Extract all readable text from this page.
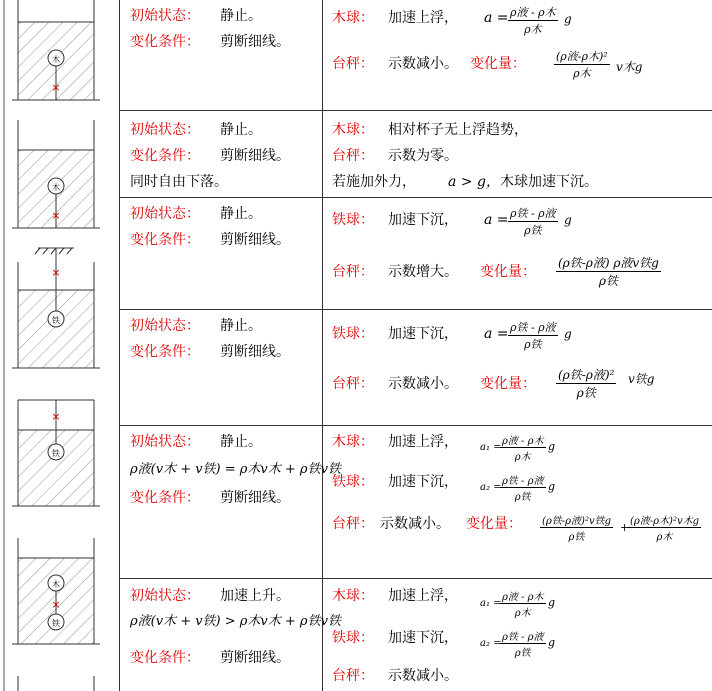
木
×
木
×
铁
×
铁
×
木
×
铁
初始状态： 静止。
变化条件： 剪断细线。
木球： 加速上浮， a = ρ液 - ρ木
ρ木
g
台秤： 示数减小。 变化量：	(ρ液-ρ木)²
ρ木	v木g
初始状态： 静止。
变化条件： 剪断细线。
同时自由下落。
木球： 相对杯子无上浮趋势，
台秤： 示数为零。
若施加外力， a > g， 木球加速下沉。
初始状态： 静止。
变化条件： 剪断细线。
铁球： 加速下沉， a = ρ铁 - ρ液
ρ铁
g
台秤： 示数增大。 变化量：
(ρ铁-ρ液) ρ液v铁g
ρ铁
初始状态： 静止。
变化条件： 剪断细线。
铁球： 加速下沉， a = ρ铁 - ρ液
ρ铁
g
台秤： 示数减小。 变化量：
(ρ铁-ρ液)²
ρ铁
v铁g
初始状态： 静止。
ρ液(v木 + v铁) = ρ木v木 + ρ铁v铁
变化条件： 剪断细线。
木球： 加速上浮， a₁ =
ρ液 - ρ木
ρ木
g
铁球： 加速下沉， a₂ =
ρ铁 - ρ液
ρ铁
g
台秤： 示数减小。 变化量： (ρ铁-ρ液)²v铁g
ρ铁
+ (ρ液-ρ木)²v木g
ρ木
初始状态： 加速上升。
ρ液(v木 + v铁) > ρ木v木 + ρ铁v铁
变化条件： 剪断细线。
木球： 加速上浮， a₁ =
ρ液 - ρ木
ρ木
g
铁球： 加速下沉， a₂ =
ρ铁 - ρ液
ρ铁
g
台秤： 示数减小。
